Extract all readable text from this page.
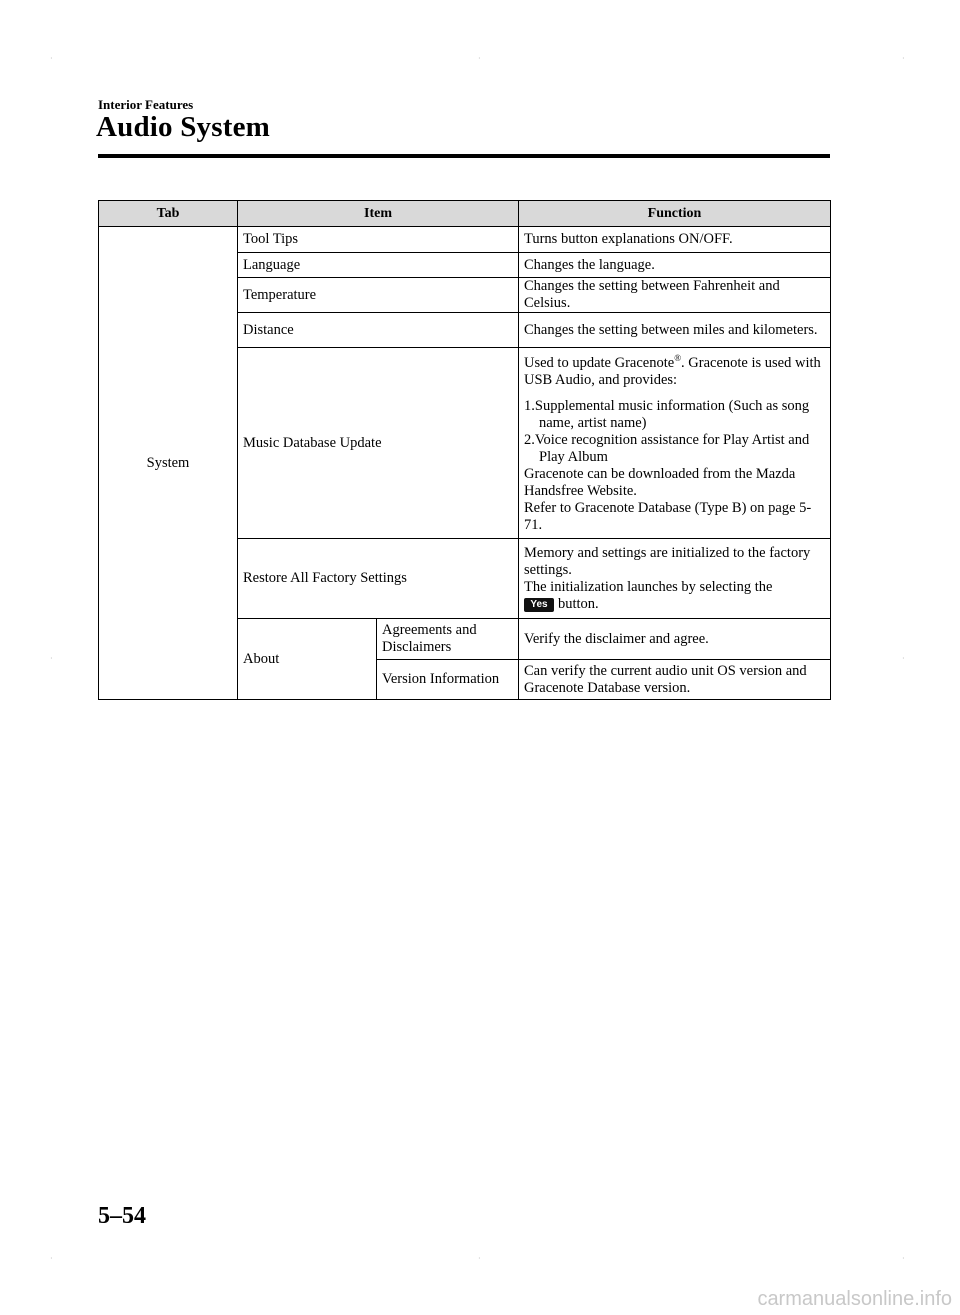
·	·	·
·	·
·	·	·
Interior Features
Audio System
Tab	Item		Function
System	Tool Tips		Turns button explanations ON/OFF.
	Language		Changes the language.
	Temperature		Changes the setting between Fahrenheit and Celsius.
	Distance		Changes the setting between miles and kilometers.
	Music Database Update		Used to update Gracenote®. Gracenote is used with USB Audio, and provides:
1.Supplemental music information (Such as song name, artist name)
2.Voice recognition assistance for Play Artist and Play Album
Gracenote can be downloaded from the Mazda Handsfree Website.
Refer to Gracenote Database (Type B) on page 5-71.

	Restore All Factory Settings		Memory and settings are initialized to the factory settings.
The initialization launches by selecting the
Yes button.

	About	Agreements and Disclaimers	Verify the disclaimer and agree.
		Version Information	Can verify the current audio unit OS version and Gracenote Database version.
5–54
carmanualsonline.info
